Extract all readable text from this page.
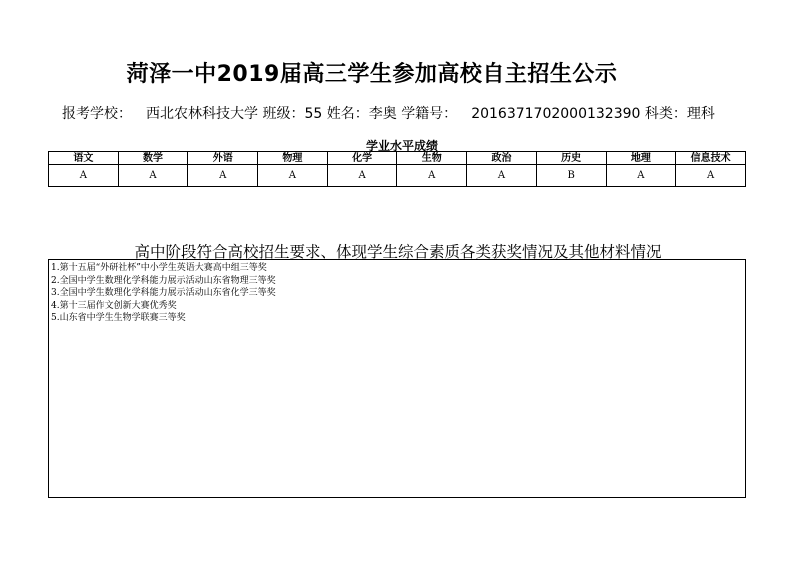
菏泽一中2019届高三学生参加高校自主招生公示
报考学校： 西北农林科技大学 班级：55 姓名：李奥 学籍号： 2016371702000132390 科类：理科
学业水平成绩
语文	数学	外语	物理	化学	生物	政治	历史	地理	信息技术
A	A	A	A	A	A	A	B	A	A
高中阶段符合高校招生要求、体现学生综合素质各类获奖情况及其他材料情况
1.第十五届“外研社杯”中小学生英语大赛高中组三等奖
2.全国中学生数理化学科能力展示活动山东省物理三等奖
3.全国中学生数理化学科能力展示活动山东省化学三等奖
4.第十三届作文创新大赛优秀奖
5.山东省中学生生物学联赛三等奖
